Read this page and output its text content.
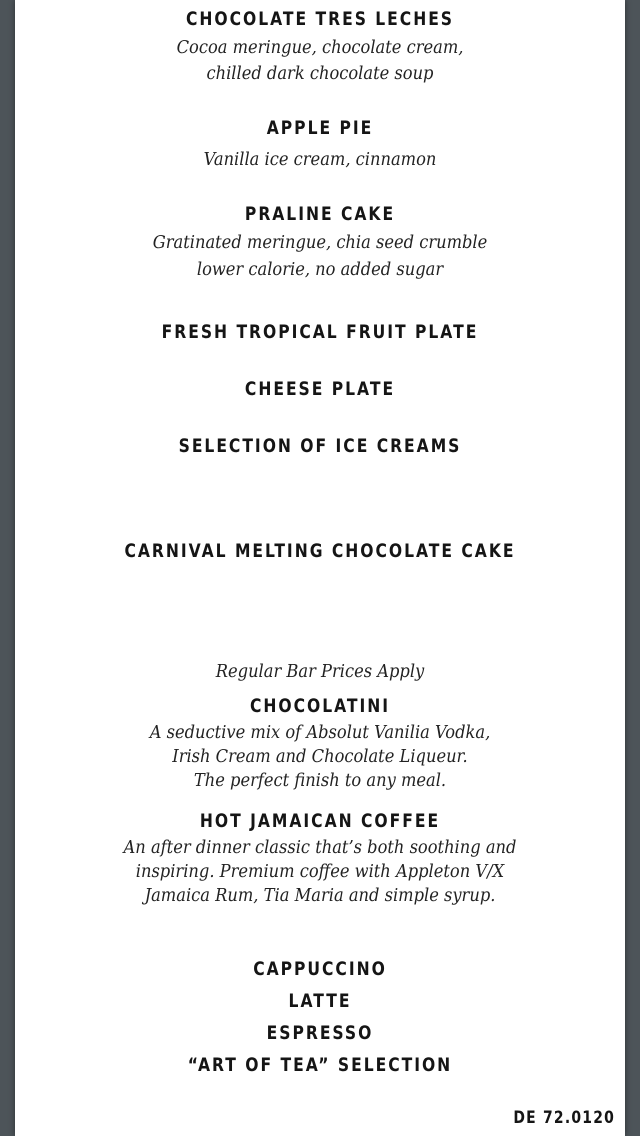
CHOCOLATE TRES LECHES
Cocoa meringue, chocolate cream,
chilled dark chocolate soup
APPLE PIE
Vanilla ice cream, cinnamon
PRALINE CAKE
Gratinated meringue, chia seed crumble
lower calorie, no added sugar
FRESH TROPICAL FRUIT PLATE
CHEESE PLATE
SELECTION OF ICE CREAMS
CARNIVAL MELTING CHOCOLATE CAKE
Regular Bar Prices Apply
CHOCOLATINI
A seductive mix of Absolut Vanilia Vodka,
Irish Cream and Chocolate Liqueur.
The perfect finish to any meal.
HOT JAMAICAN COFFEE
An after dinner classic that’s both soothing and
inspiring. Premium coffee with Appleton V/X
Jamaica Rum, Tia Maria and simple syrup.
CAPPUCCINO
LATTE
ESPRESSO
“ART OF TEA” SELECTION
DE 72.0120
